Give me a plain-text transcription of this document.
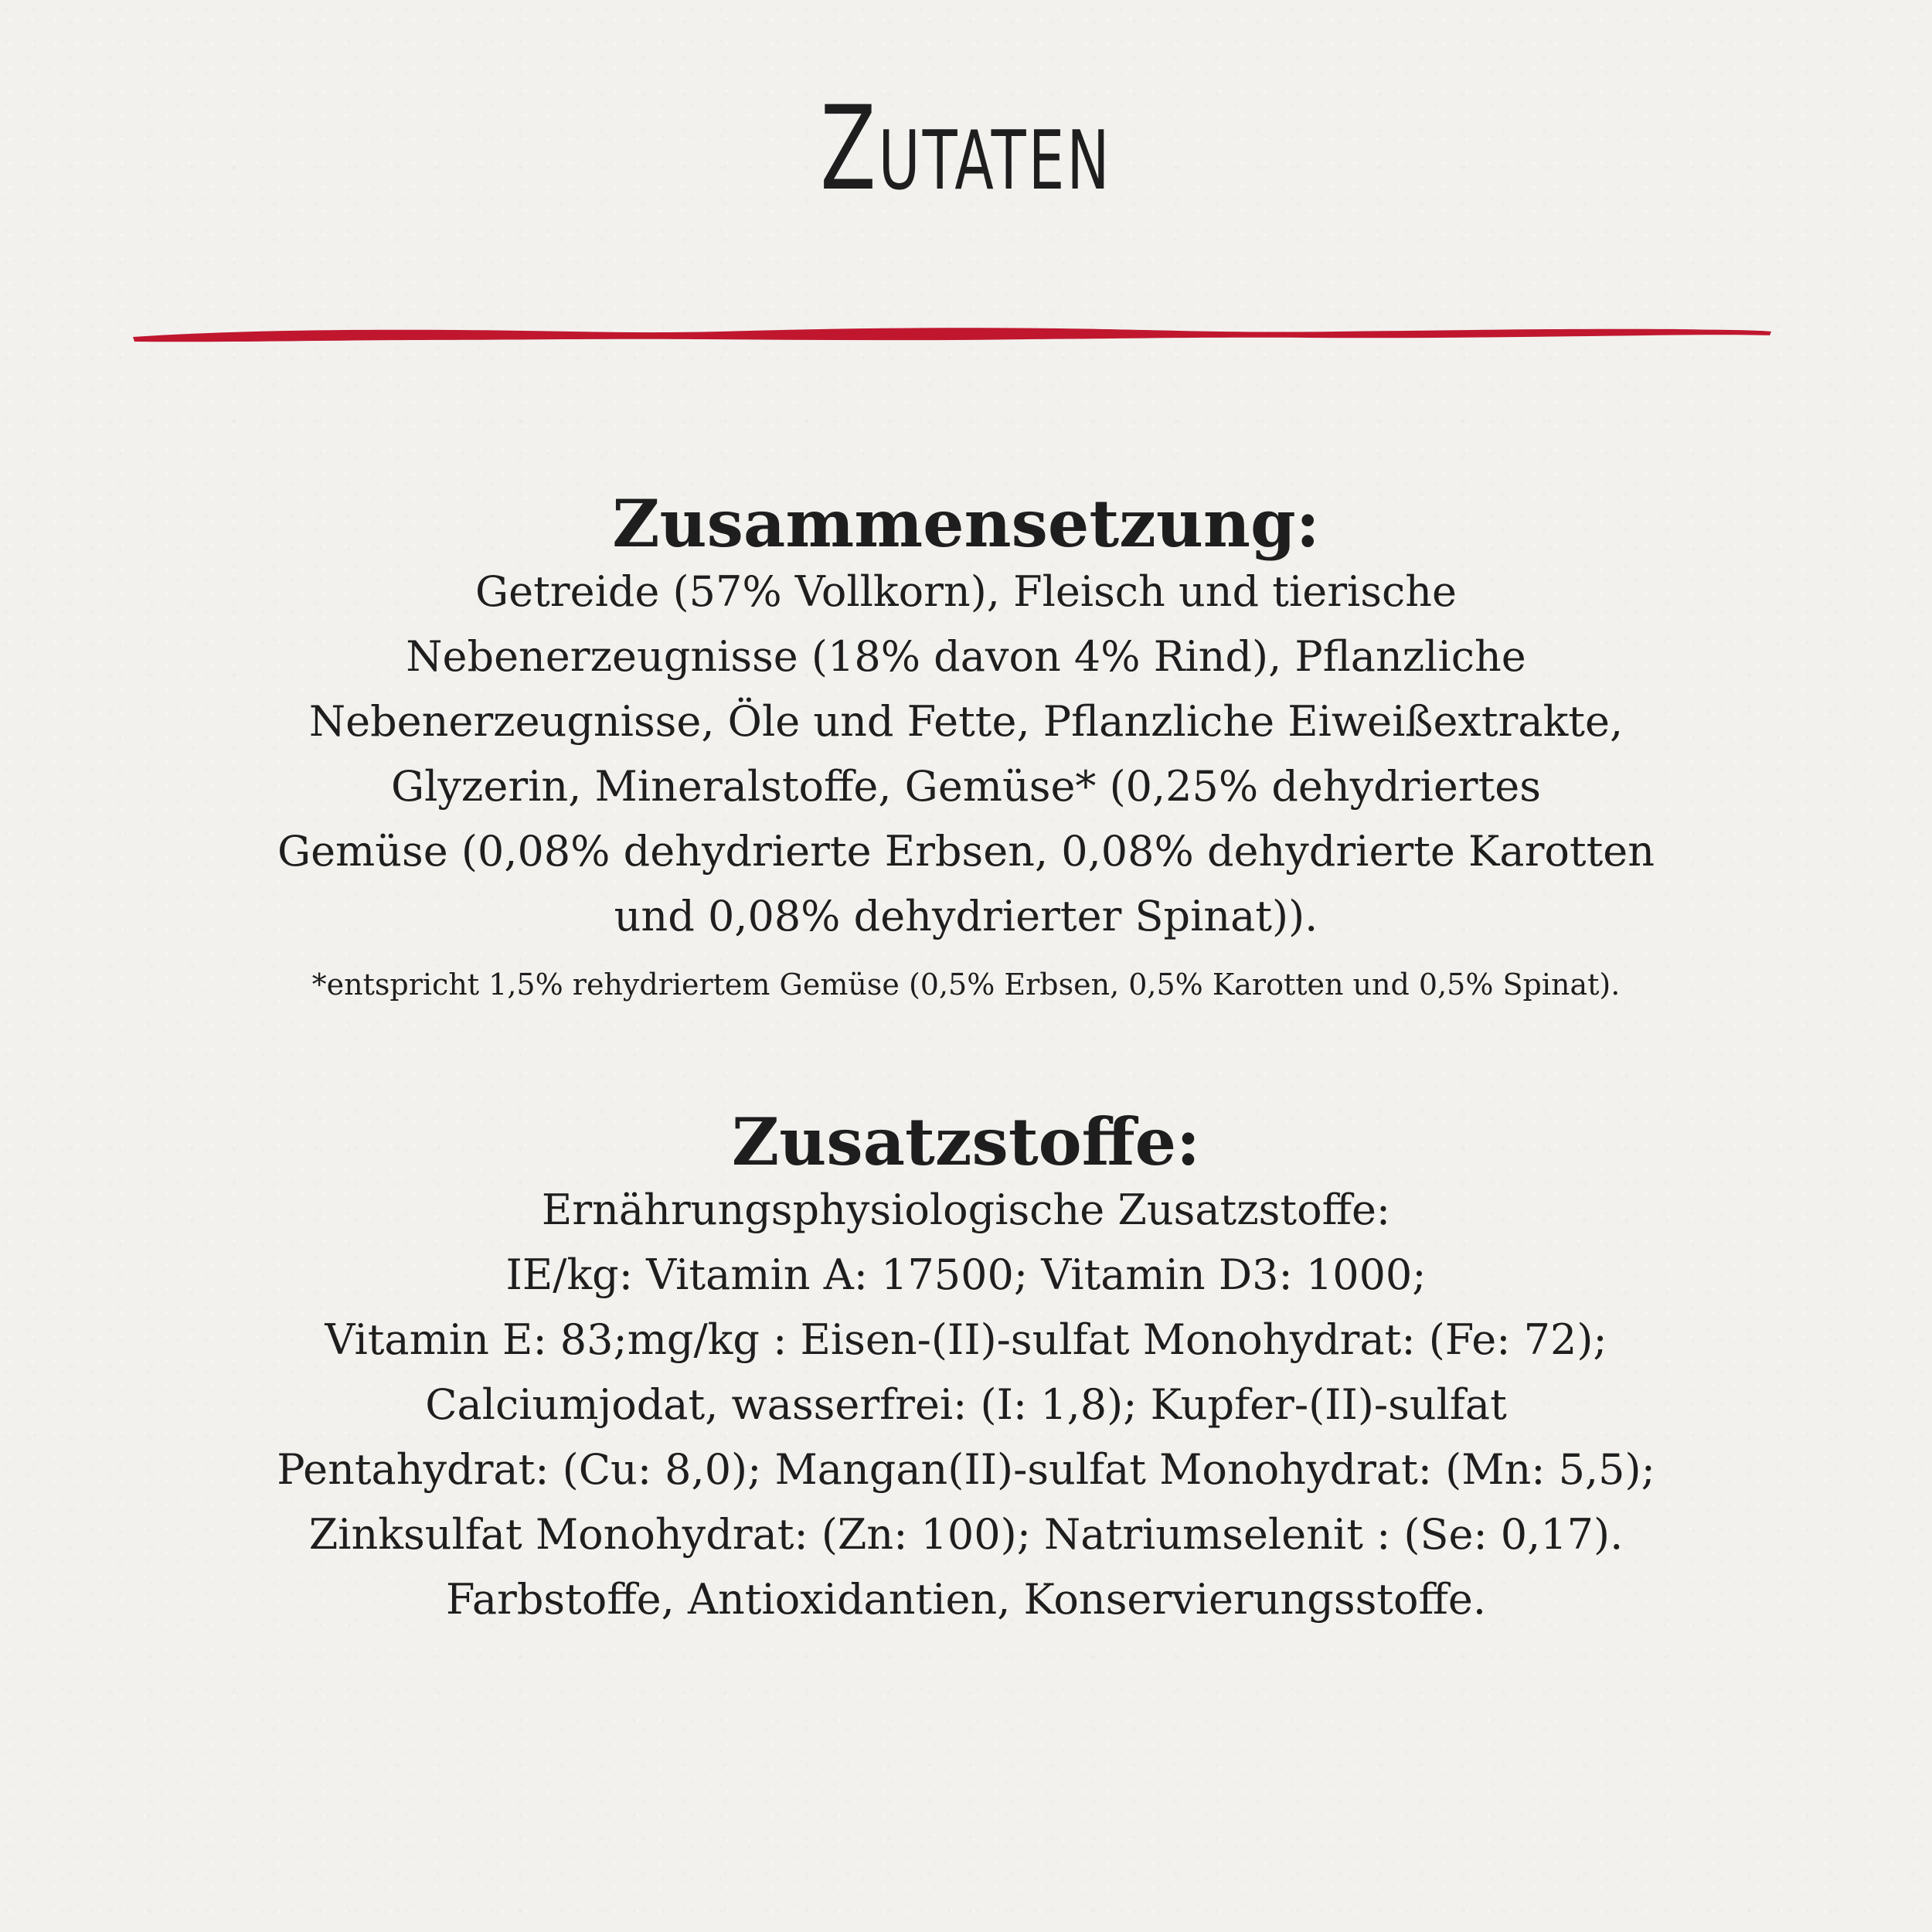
Zutaten
Zusammensetzung:

Getreide (57% Vollkorn), Fleisch und tierische
Nebenerzeugnisse (18% davon 4% Rind), Pflanzliche
Nebenerzeugnisse, Öle und Fette, Pflanzliche Eiweißextrakte,
Glyzerin, Mineralstoffe, Gemüse* (0,25% dehydriertes
Gemüse (0,08% dehydrierte Erbsen, 0,08% dehydrierte Karotten
und 0,08% dehydrierter Spinat)).

*entspricht 1,5% rehydriertem Gemüse (0,5% Erbsen, 0,5% Karotten und 0,5% Spinat).
Zusatzstoffe:

Ernährungsphysiologische Zusatzstoffe:
IE/kg: Vitamin A: 17500; Vitamin D3: 1000;
Vitamin E: 83;mg/kg : Eisen-(II)-sulfat Monohydrat: (Fe: 72);
Calciumjodat, wasserfrei: (I: 1,8); Kupfer-(II)-sulfat
Pentahydrat: (Cu: 8,0); Mangan(II)-sulfat Monohydrat: (Mn: 5,5);
Zinksulfat Monohydrat: (Zn: 100); Natriumselenit : (Se: 0,17).
Farbstoffe, Antioxidantien, Konservierungsstoffe.
